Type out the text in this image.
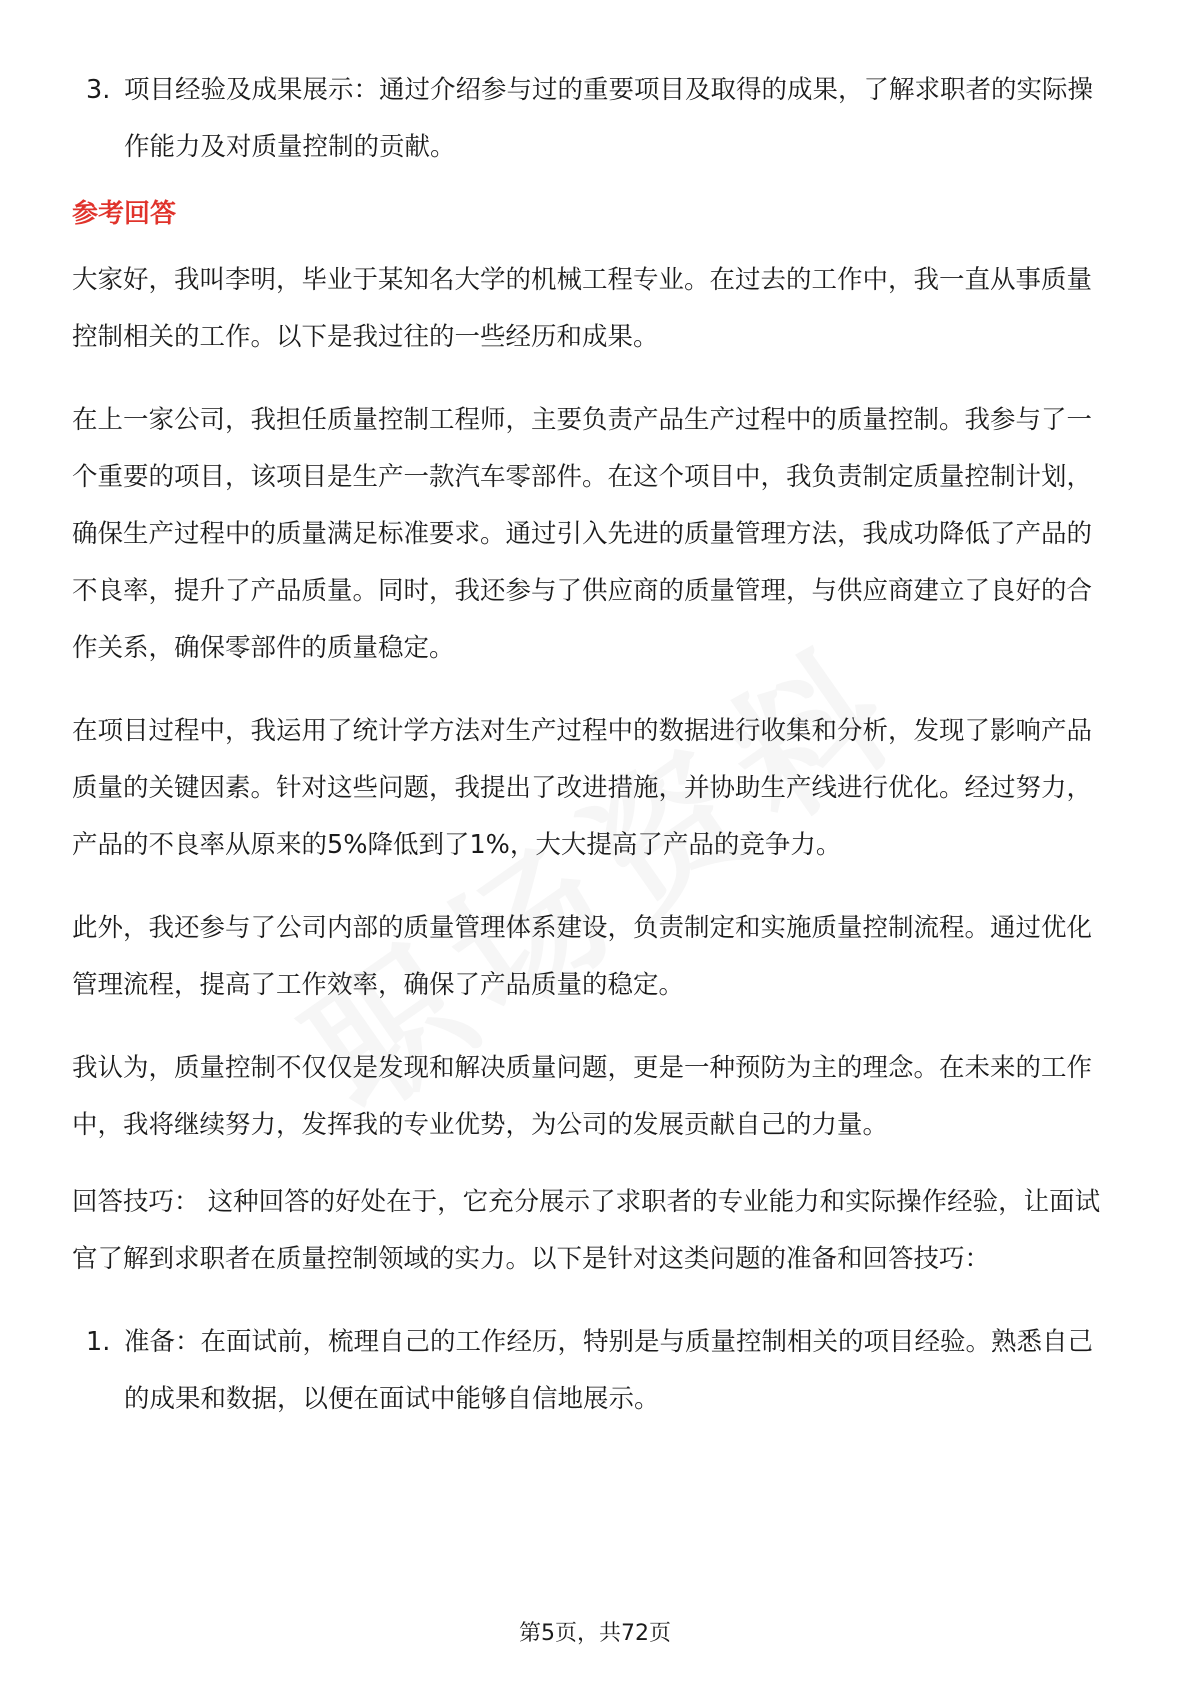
3. 项目经验及成果展示：通过介绍参与过的重要项目及取得的成果，了解求职者的实际操作能力及对质量控制的贡献。
参考回答

大家好，我叫李明，毕业于某知名大学的机械工程专业。在过去的工作中，我一直从事质量控制相关的工作。以下是我过往的一些经历和成果。

在上一家公司，我担任质量控制工程师，主要负责产品生产过程中的质量控制。我参与了一个重要的项目，该项目是生产一款汽车零部件。在这个项目中，我负责制定质量控制计划，确保生产过程中的质量满足标准要求。通过引入先进的质量管理方法，我成功降低了产品的不良率，提升了产品质量。同时，我还参与了供应商的质量管理，与供应商建立了良好的合作关系，确保零部件的质量稳定。

在项目过程中，我运用了统计学方法对生产过程中的数据进行收集和分析，发现了影响产品质量的关键因素。针对这些问题，我提出了改进措施，并协助生产线进行优化。经过努力，产品的不良率从原来的5%降低到了1%，大大提高了产品的竞争力。

此外，我还参与了公司内部的质量管理体系建设，负责制定和实施质量控制流程。通过优化管理流程，提高了工作效率，确保了产品质量的稳定。

我认为，质量控制不仅仅是发现和解决质量问题，更是一种预防为主的理念。在未来的工作中，我将继续努力，发挥我的专业优势，为公司的发展贡献自己的力量。

回答技巧： 这种回答的好处在于，它充分展示了求职者的专业能力和实际操作经验，让面试官了解到求职者在质量控制领域的实力。以下是针对这类问题的准备和回答技巧：

1. 准备：在面试前，梳理自己的工作经历，特别是与质量控制相关的项目经验。熟悉自己的成果和数据，以便在面试中能够自信地展示。
第5页，共72页
